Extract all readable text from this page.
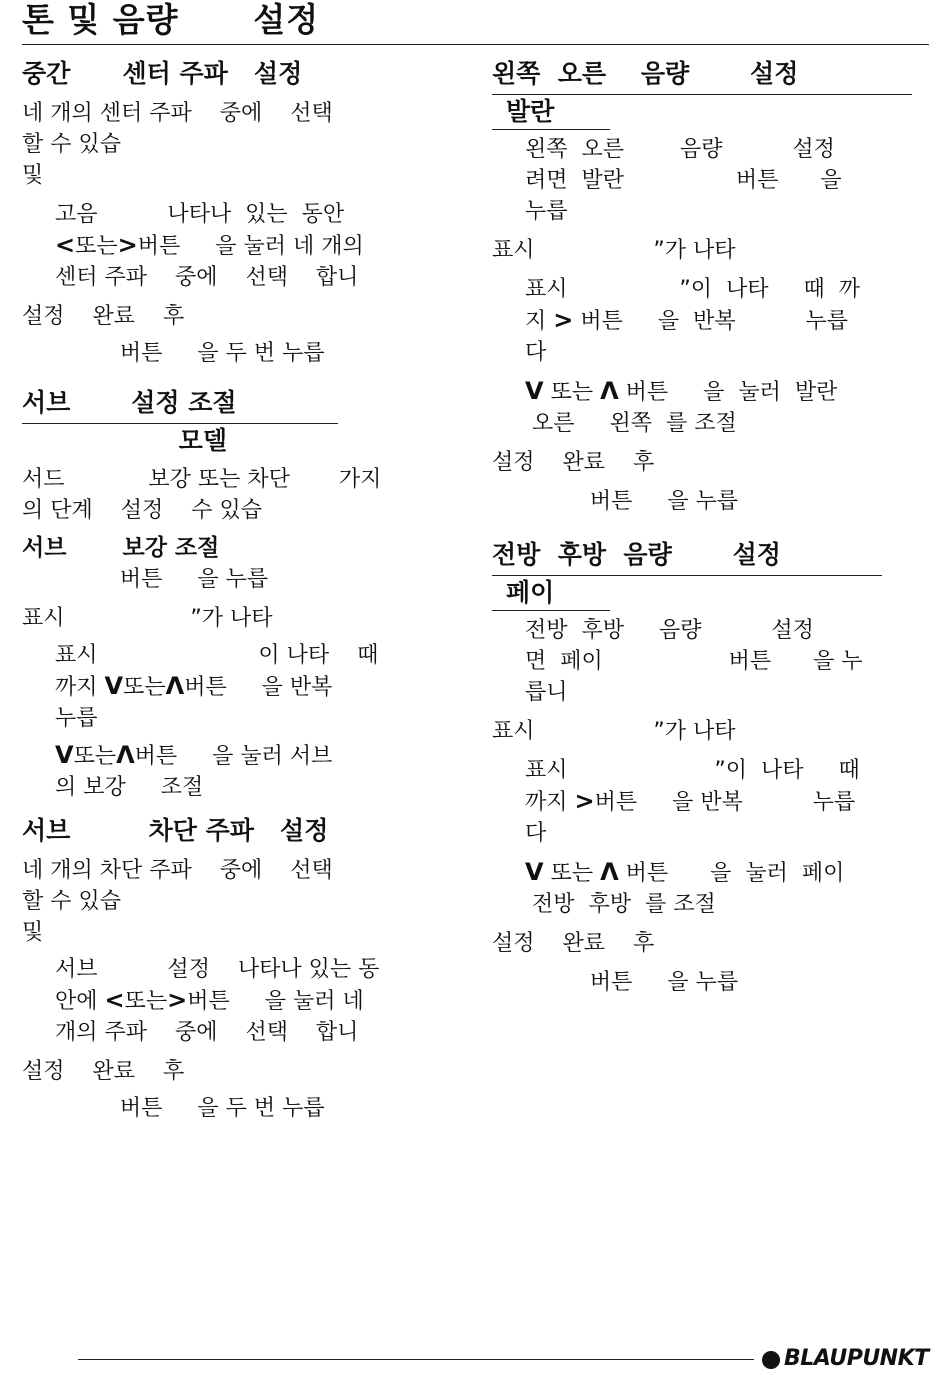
톤 및 음량      설정
중간      센터 주파   설정
네 개의 센터 주파    중에    선택
할 수 있습
및
고음          나타나  있는  동안
<또는>버튼     을 눌러 네 개의
센터 주파    중에    선택    합니
설정    완료    후
버튼     을 두 번 누릅
서브       설정 조절
모델
서드            보강 또는 차단       가지
의 단계    설정    수 있습
서브       보강 조절
버튼     을 누릅
표시                  ”가 나타
표시                       이 나타    때
까지 V또는Λ버튼     을 반복
누릅
V또는Λ버튼     을 눌러 서브
의 보강     조절
서브         차단 주파   설정
네 개의 차단 주파    중에    선택
할 수 있습
및
서브          설정    나타나 있는 동
안에 <또는>버튼     을 눌러 네
개의 주파    중에    선택    합니
설정    완료    후
버튼     을 두 번 누릅
왼쪽  오른    음량       설정
발란
왼쪽  오른        음량          설정
려면  발란                버튼      을
누릅
표시                 ”가 나타
표시                ”이  나타     때  까
지 > 버튼     을  반복          누릅
다
V 또는 Λ 버튼     을  눌러  발란
오른     왼쪽  를 조절
설정    완료    후
버튼     을 누릅
전방  후방  음량       설정
페이
전방  후방     음량          설정
면  페이                  버튼      을 누
릅니
표시                 ”가 나타
표시                     ”이  나타     때
까지 >버튼     을 반복          누릅
다
V 또는 Λ 버튼      을  눌러  페이
전방  후방  를 조절
설정    완료    후
버튼     을 누릅
BLAUPUNKT
